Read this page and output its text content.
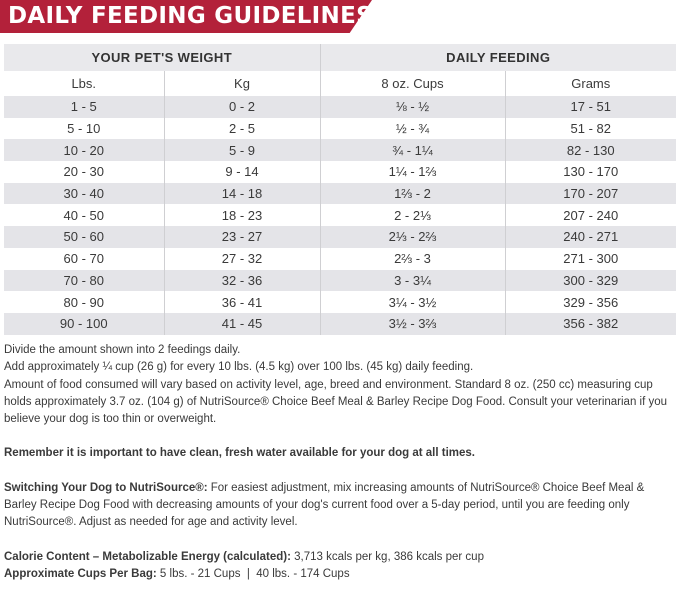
DAILY FEEDING GUIDELINES
YOUR PET'S WEIGHT		DAILY FEEDING	
Lbs.	Kg	8 oz. Cups	Grams
1 - 5	0 - 2	⅛ - ½	17 - 51
5 - 10	2 - 5	½ - ¾	51 - 82
10 - 20	5 - 9	¾ - 1¼	82 - 130
20 - 30	9 - 14	1¼ - 1⅔	130 - 170
30 - 40	14 - 18	1⅔ - 2	170 - 207
40 - 50	18 - 23	2 - 2⅓	207 - 240
50 - 60	23 - 27	2⅓ - 2⅔	240 - 271
60 - 70	27 - 32	2⅔ - 3	271 - 300
70 - 80	32 - 36	3 - 3¼	300 - 329
80 - 90	36 - 41	3¼ - 3½	329 - 356
90 - 100	41 - 45	3½ - 3⅔	356 - 382

Divide the amount shown into 2 feedings daily.

Add approximately ¼ cup (26 g) for every 10 lbs. (4.5 kg) over 100 lbs. (45 kg) daily feeding.

Amount of food consumed will vary based on activity level, age, breed and environment. Standard 8 oz. (250 cc) measuring cup holds approximately 3.7 oz. (104 g) of NutriSource® Choice Beef Meal & Barley Recipe Dog Food. Consult your veterinarian if you believe your dog is too thin or overweight.

Remember it is important to have clean, fresh water available for your dog at all times.

Switching Your Dog to NutriSource®: For easiest adjustment, mix increasing amounts of NutriSource® Choice Beef Meal & Barley Recipe Dog Food with decreasing amounts of your dog's current food over a 5-day period, until you are feeding only NutriSource®. Adjust as needed for age and activity level.

Calorie Content – Metabolizable Energy (calculated): 3,713 kcals per kg, 386 kcals per cup

Approximate Cups Per Bag: 5 lbs. - 21 Cups  |  40 lbs. - 174 Cups
